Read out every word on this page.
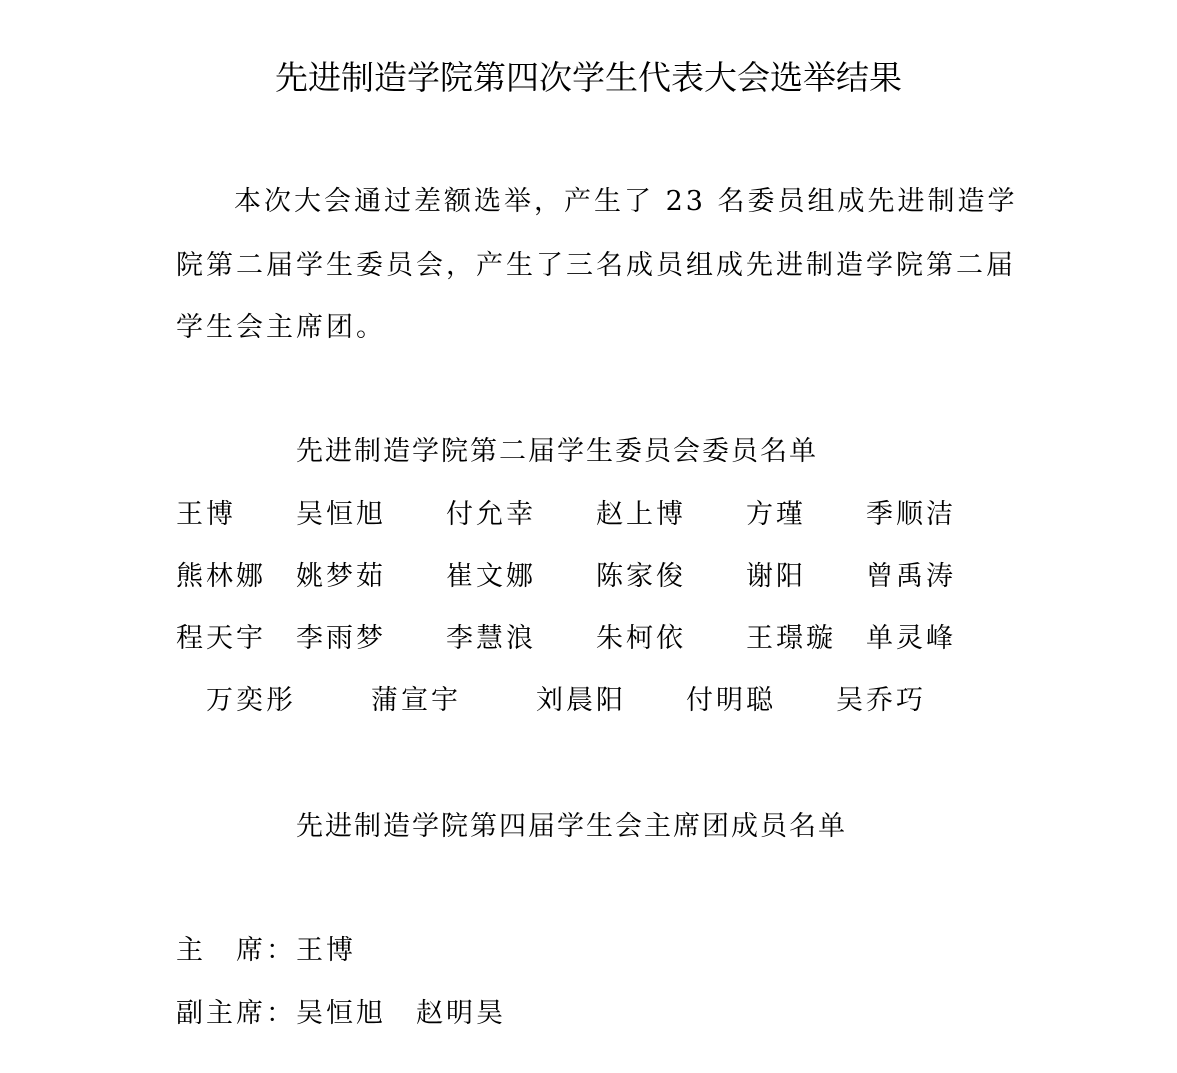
先进制造学院第四次学生代表大会选举结果
本次大会通过差额选举，产生了 23 名委员组成先进制造学
院第二届学生委员会，产生了三名成员组成先进制造学院第二届
学生会主席团。
先进制造学院第二届学生委员会委员名单
王博 吴恒旭 付允幸 赵上博 方瑾 季顺洁
熊林娜 姚梦茹 崔文娜 陈家俊 谢阳 曾禹涛
程天宇 李雨梦 李慧浪 朱柯依 王璟璇 单灵峰
万奕彤	蒲宣宇	刘晨阳 付明聪 吴乔巧
先进制造学院第四届学生会主席团成员名单
主　席：王博
副主席：吴恒旭 赵明昊
